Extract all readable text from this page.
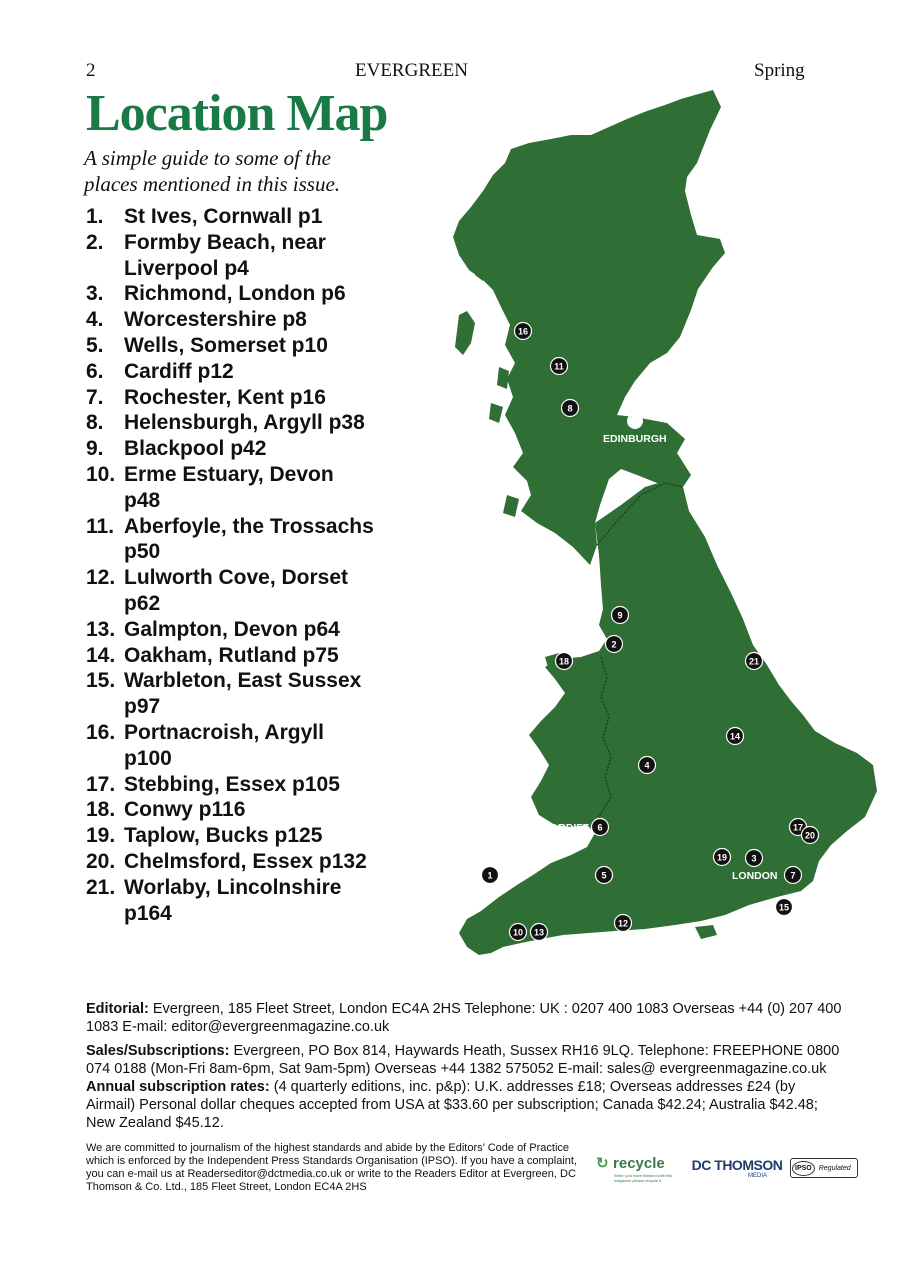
2	EVERGREEN	Spring
Location Map

A simple guide to some of the places mentioned in this issue.

1. St Ives, Cornwall p1
2. Formby Beach, near Liverpool p4
3. Richmond, London p6
4. Worcestershire p8
5. Wells, Somerset p10
6. Cardiff p12
7. Rochester, Kent p16
8. Helensburgh, Argyll p38
9. Blackpool p42
10. Erme Estuary, Devon p48
11. Aberfoyle, the Trossachs p50
12. Lulworth Cove, Dorset p62
13. Galmpton, Devon p64
14. Oakham, Rutland p75
15. Warbleton, East Sussex p97
16. Portnacroish, Argyll p100
17. Stebbing, Essex p105
18. Conwy p116
19. Taplow, Bucks p125
20. Chelmsford, Essex p132
21. Worlaby, Lincolnshire p164
EDINBURGH
CARDIFF
LONDON
16
11
8
9
2
18	21
14
4
6	17
20
19	3
7
1	5
15
12
10 13

Editorial: Evergreen, 185 Fleet Street, London EC4A 2HS Telephone: UK : 0207 400 1083 Overseas +44 (0) 207 400 1083 E-mail: editor@evergreenmagazine.co.uk

Sales/Subscriptions: Evergreen, PO Box 814, Haywards Heath, Sussex RH16 9LQ. Telephone: FREEPHONE 0800 074 0188 (Mon-Fri 8am-6pm, Sat 9am-5pm) Overseas +44 1382 575052 E-mail: sales@ evergreenmagazine.co.uk Annual subscription rates: (4 quarterly editions, inc. p&p): U.K. addresses £18; Overseas addresses £24 (by Airmail) Personal dollar cheques accepted from USA at $33.60 per subscription; Canada $42.24; Australia $42.48; New Zealand $45.12.

We are committed to journalism of the highest standards and abide by the Editors’ Code of Practice which is enforced by the Independent Press Standards Organisation (IPSO). If you have a complaint, you can e-mail us at Readerseditor@dctmedia.co.uk or write to the Readers Editor at Evergreen, DC Thomson & Co. Ltd., 185 Fleet Street, London EC4A 2HS

↻ recycle
When you have finished with this magazine please recycle it.
DC THOMSON
MEDIA
IPSO	Regulated
